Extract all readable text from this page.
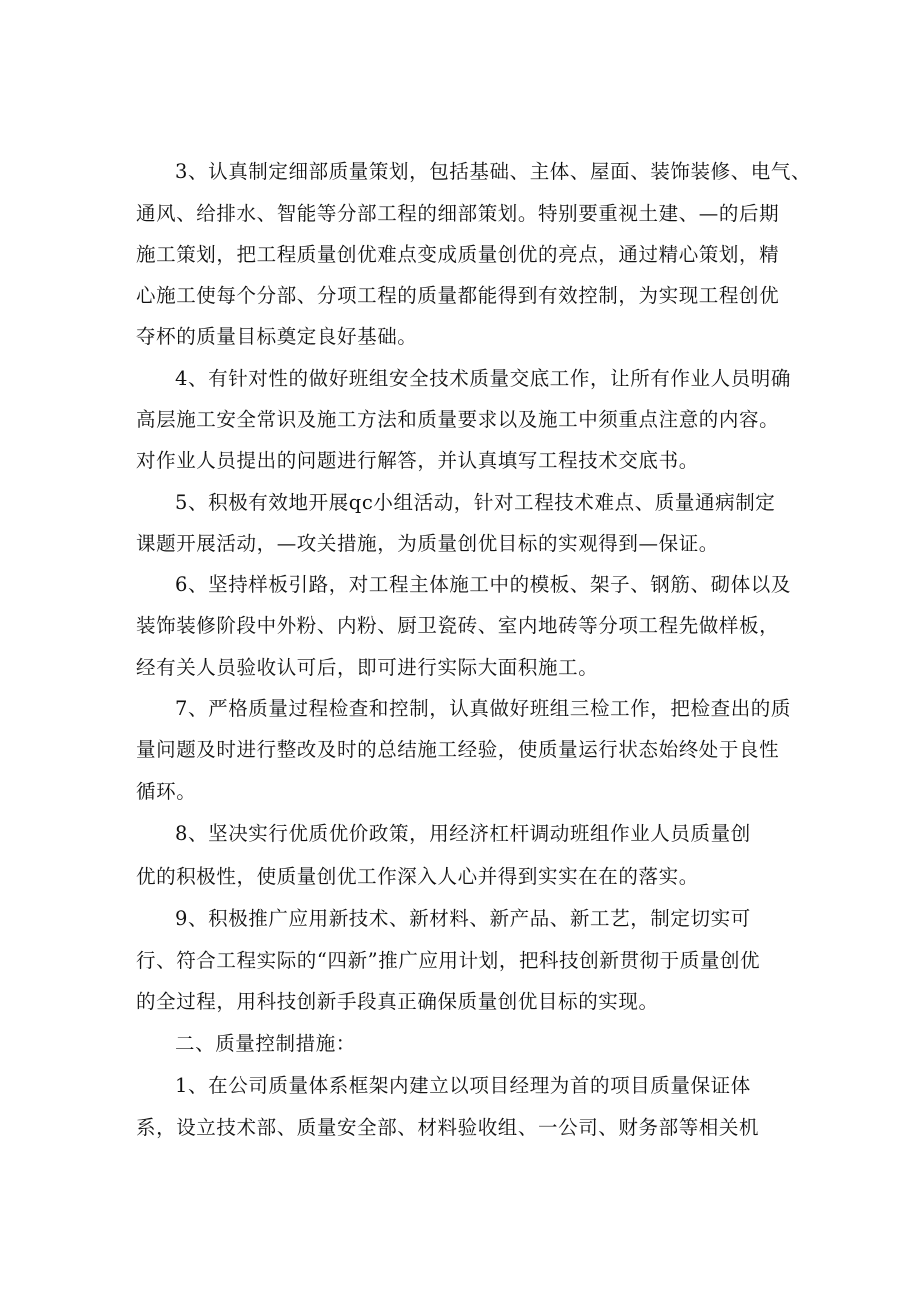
3、认真制定细部质量策划，包括基础、主体、屋面、装饰装修、电气、
通风、给排水、智能等分部工程的细部策划。特别要重视土建、—的后期
施工策划，把工程质量创优难点变成质量创优的亮点，通过精心策划，精
心施工使每个分部、分项工程的质量都能得到有效控制，为实现工程创优
夺杯的质量目标奠定良好基础。
4、有针对性的做好班组安全技术质量交底工作，让所有作业人员明确
高层施工安全常识及施工方法和质量要求以及施工中须重点注意的内容。
对作业人员提出的问题进行解答，并认真填写工程技术交底书。
5、积极有效地开展qc小组活动，针对工程技术难点、质量通病制定
课题开展活动，—攻关措施，为质量创优目标的实观得到—保证。
6、坚持样板引路，对工程主体施工中的模板、架子、钢筋、砌体以及
装饰装修阶段中外粉、内粉、厨卫瓷砖、室内地砖等分项工程先做样板，
经有关人员验收认可后，即可进行实际大面积施工。
7、严格质量过程检查和控制，认真做好班组三检工作，把检查出的质
量问题及时进行整改及时的总结施工经验，使质量运行状态始终处于良性
循环。
8、坚决实行优质优价政策，用经济杠杆调动班组作业人员质量创
优的积极性，使质量创优工作深入人心并得到实实在在的落实。
9、积极推广应用新技术、新材料、新产品、新工艺，制定切实可
行、符合工程实际的“四新”推广应用计划，把科技创新贯彻于质量创优
的全过程，用科技创新手段真正确保质量创优目标的实现。
二、质量控制措施：
1、在公司质量体系框架内建立以项目经理为首的项目质量保证体
系，设立技术部、质量安全部、材料验收组、一公司、财务部等相关机
